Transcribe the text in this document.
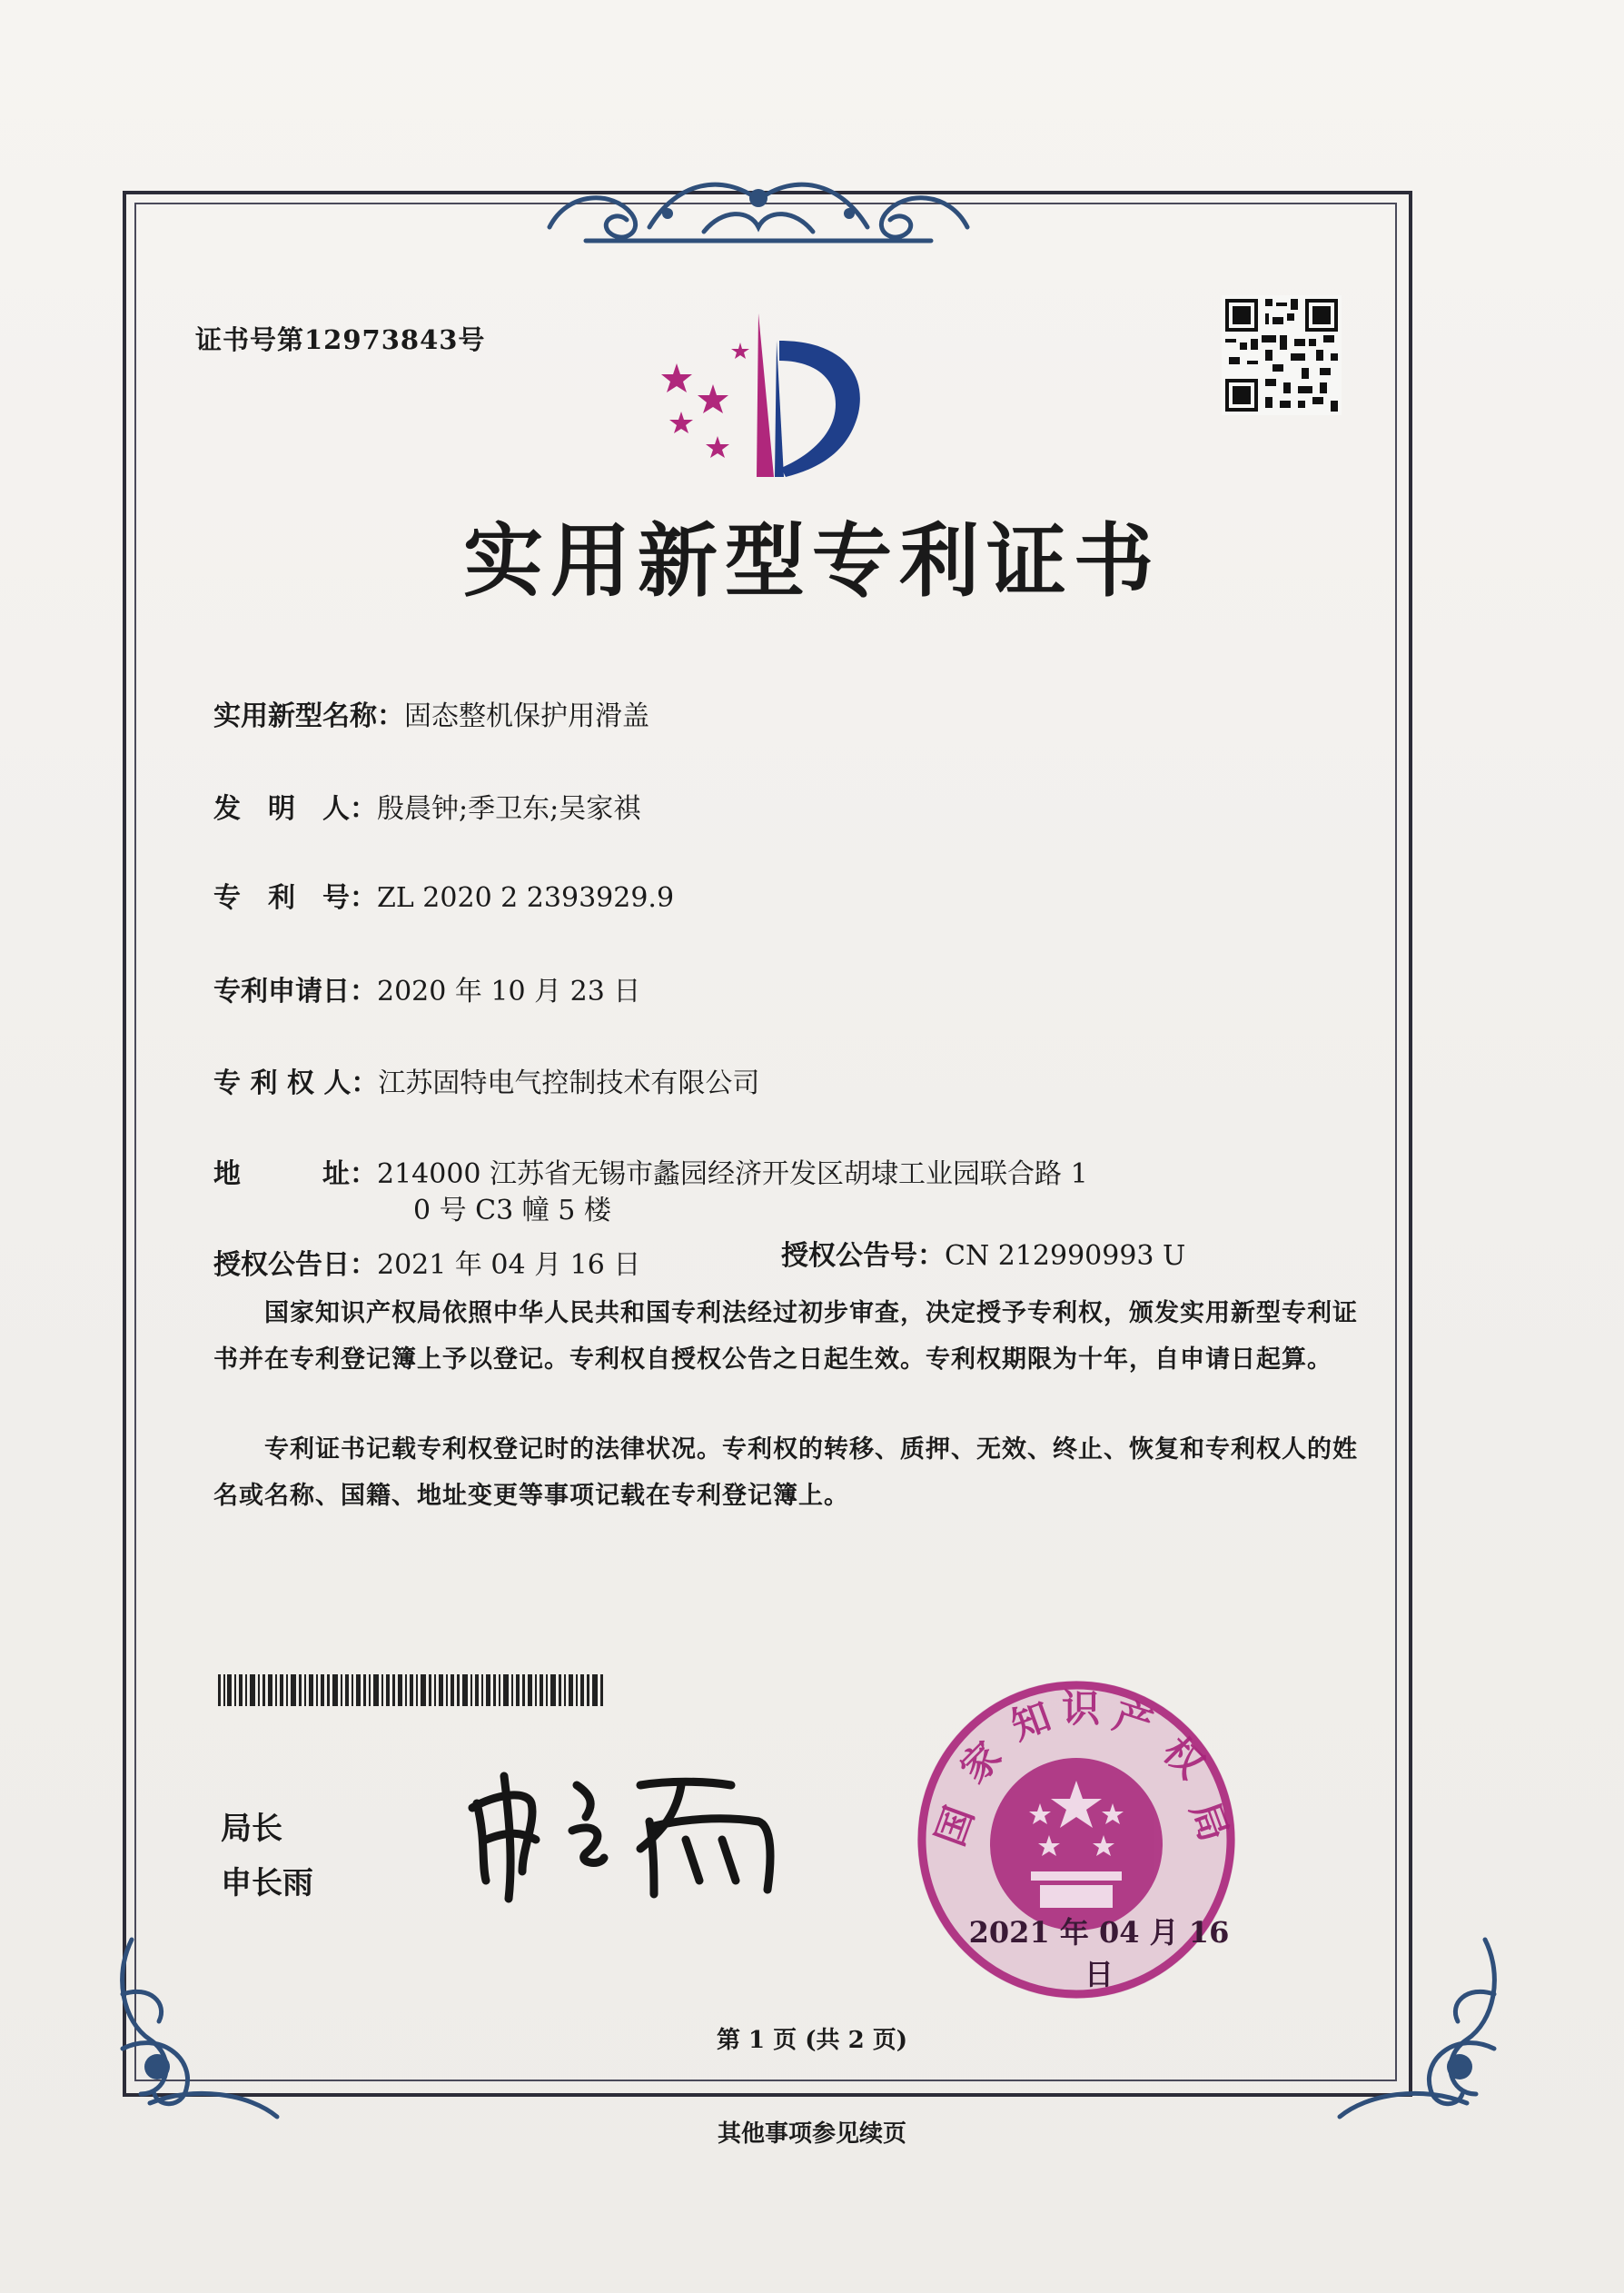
证书号第12973843号
实用新型专利证书
实用新型名称：固态整机保护用滑盖
发　明　人：殷晨钟;季卫东;吴家祺
专　利　号：ZL 2020 2 2393929.9
专利申请日：2020 年 10 月 23 日
专 利 权 人：江苏固特电气控制技术有限公司
地　　　址：214000 江苏省无锡市蠡园经济开发区胡埭工业园联合路 1
0 号 C3 幢 5 楼
授权公告日：2021 年 04 月 16 日	授权公告号：CN 212990993 U
　　国家知识产权局依照中华人民共和国专利法经过初步审查，决定授予专利权，颁发实用新型专利证书并在专利登记簿上予以登记。专利权自授权公告之日起生效。专利权期限为十年，自申请日起算。
　　专利证书记载专利权登记时的法律状况。专利权的转移、质押、无效、终止、恢复和专利权人的姓名或名称、国籍、地址变更等事项记载在专利登记簿上。
局长
申长雨
国
家
知 识 产
权
局
2021 年 04 月 16 日
第 1 页 (共 2 页)
其他事项参见续页
